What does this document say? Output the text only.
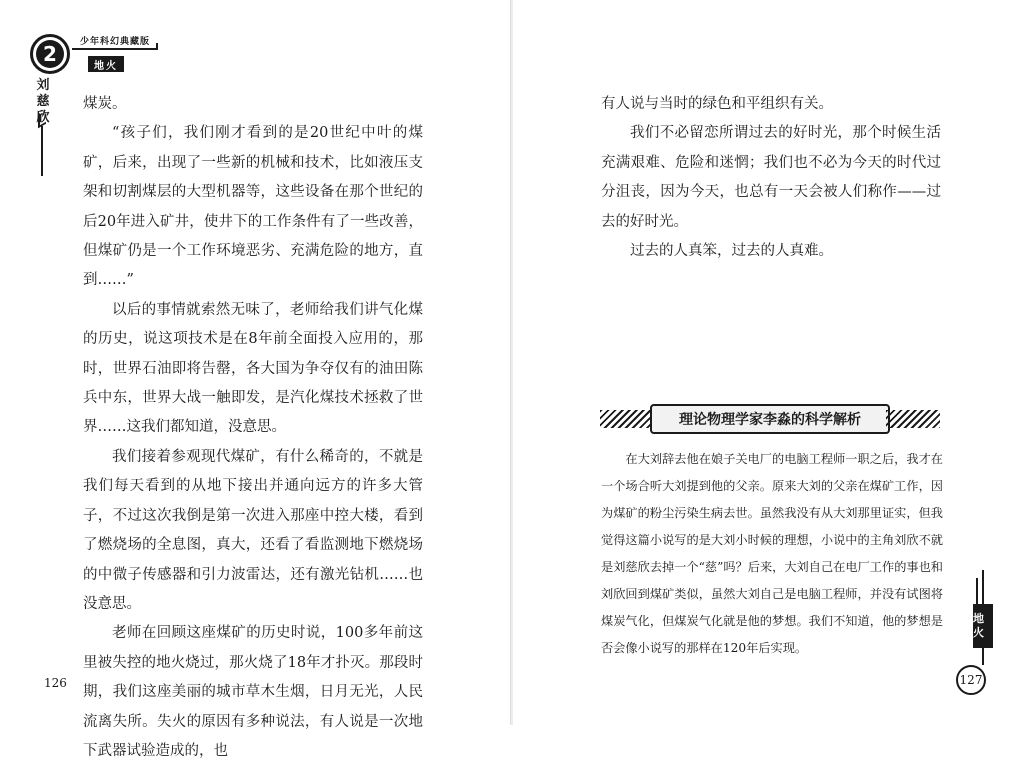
2	少年科幻典藏版
地火
刘慈欣

煤炭。

“孩子们，我们刚才看到的是20世纪中叶的煤矿，后来，出现了一些新的机械和技术，比如液压支架和切割煤层的大型机器等，这些设备在那个世纪的后20年进入矿井，使井下的工作条件有了一些改善，但煤矿仍是一个工作环境恶劣、充满危险的地方，直到……”

以后的事情就索然无味了，老师给我们讲气化煤的历史，说这项技术是在8年前全面投入应用的，那时，世界石油即将告罄，各大国为争夺仅有的油田陈兵中东，世界大战一触即发，是汽化煤技术拯救了世界……这我们都知道，没意思。

我们接着参观现代煤矿，有什么稀奇的，不就是我们每天看到的从地下接出并通向远方的许多大管子，不过这次我倒是第一次进入那座中控大楼，看到了燃烧场的全息图，真大，还看了看监测地下燃烧场的中微子传感器和引力波雷达，还有激光钻机……也没意思。

老师在回顾这座煤矿的历史时说，100多年前这里被失控的地火烧过，那火烧了18年才扑灭。那段时期，我们这座美丽的城市草木生烟，日月无光，人民流离失所。失火的原因有多种说法，有人说是一次地下武器试验造成的，也

126

有人说与当时的绿色和平组织有关。

我们不必留恋所谓过去的好时光，那个时候生活充满艰难、危险和迷惘；我们也不必为今天的时代过分沮丧，因为今天，也总有一天会被人们称作——过去的好时光。

过去的人真笨，过去的人真难。

理论物理学家李淼的科学解析

在大刘辞去他在娘子关电厂的电脑工程师一职之后，我才在一个场合听大刘提到他的父亲。原来大刘的父亲在煤矿工作，因为煤矿的粉尘污染生病去世。虽然我没有从大刘那里证实，但我觉得这篇小说写的是大刘小时候的理想，小说中的主角刘欣不就是刘慈欣去掉一个“慈”吗？后来，大刘自己在电厂工作的事也和刘欣回到煤矿类似，虽然大刘自己是电脑工程师，并没有试图将煤炭气化，但煤炭气化就是他的梦想。我们不知道，他的梦想是否会像小说写的那样在120年后实现。

地火
127
